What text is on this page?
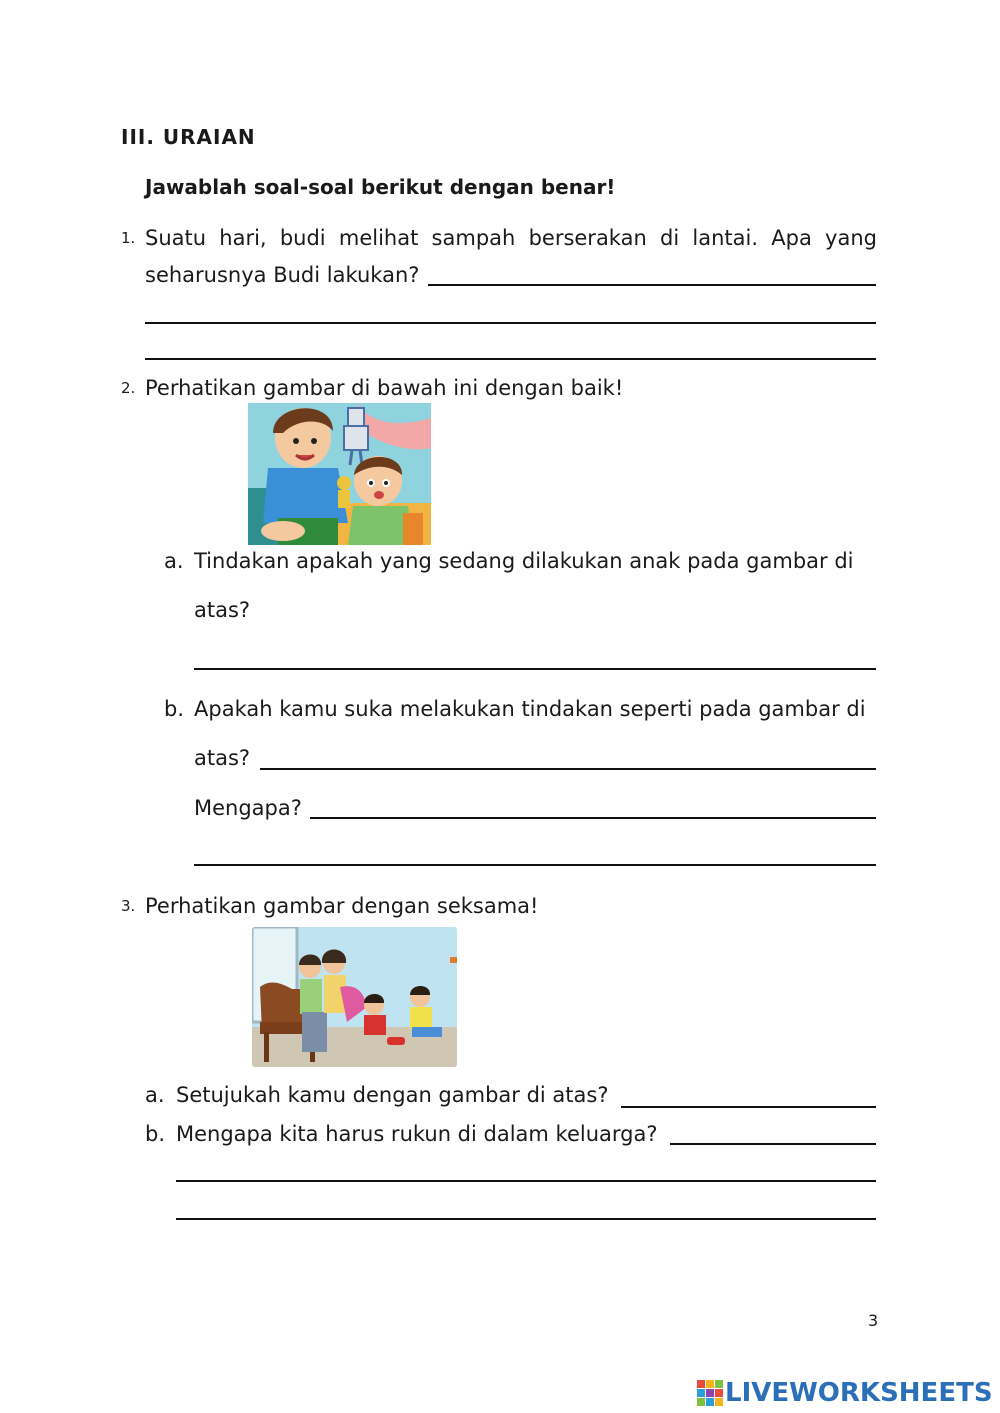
III. URAIAN
Jawablah soal-soal berikut dengan benar!
1. Suatu hari, budi melihat sampah berserakan di lantai. Apa yang
seharusnya Budi lakukan?
2. Perhatikan gambar di bawah ini dengan baik!
a. Tindakan apakah yang sedang dilakukan anak pada gambar di
atas?
b. Apakah kamu suka melakukan tindakan seperti pada gambar di
atas?
Mengapa?
3. Perhatikan gambar dengan seksama!
a. Setujukah kamu dengan gambar di atas?
b. Mengapa kita harus rukun di dalam keluarga?
3
LIVEWORKSHEETS
